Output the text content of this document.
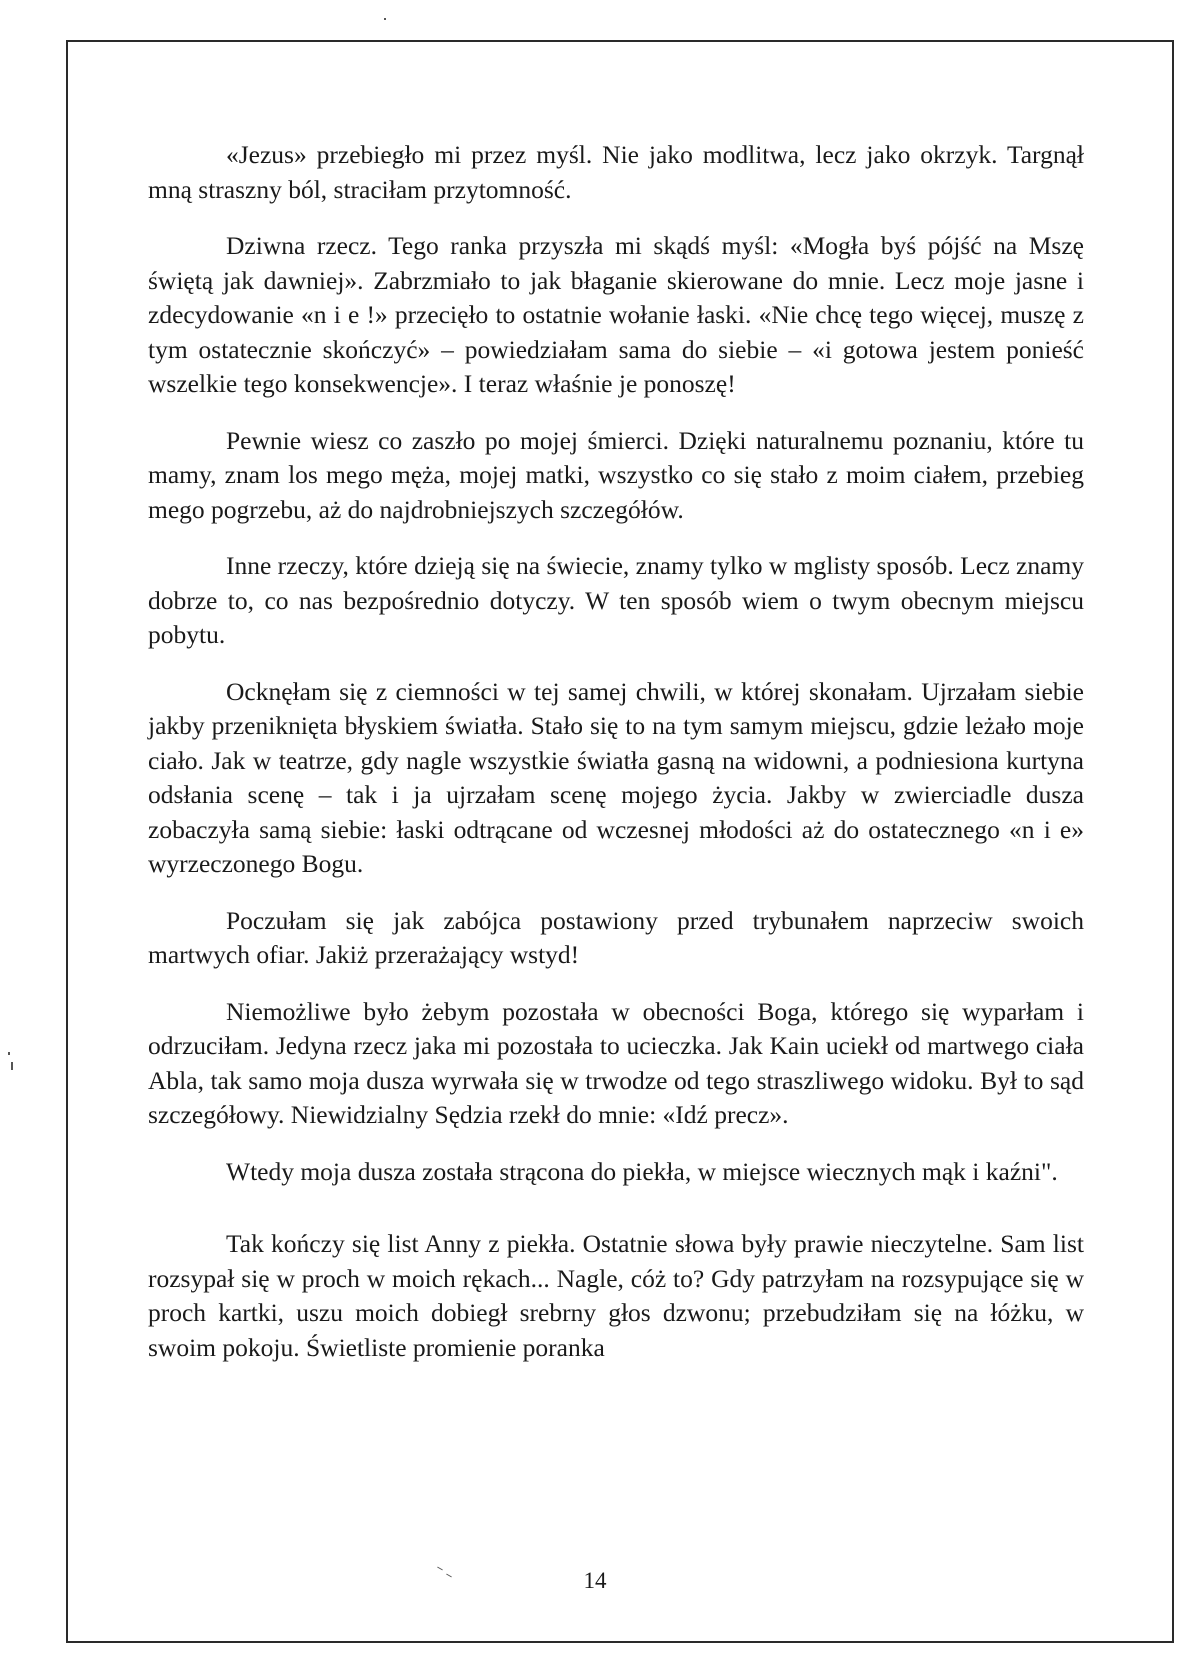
«Jezus» przebiegło mi przez myśl. Nie jako modlitwa, lecz jako okrzyk. Targnął mną straszny ból, straciłam przytomność.

Dziwna rzecz. Tego ranka przyszła mi skądś myśl: «Mogła byś pójść na Mszę świętą jak dawniej». Zabrzmiało to jak błaganie skierowane do mnie. Lecz moje jasne i zdecydowanie «n i e !» przecięło to ostatnie wołanie łaski. «Nie chcę tego więcej, muszę z tym ostatecznie skończyć» – powiedziałam sama do siebie – «i gotowa jestem ponieść wszelkie tego konsekwencje». I teraz właśnie je ponoszę!

Pewnie wiesz co zaszło po mojej śmierci. Dzięki naturalnemu poznaniu, które tu mamy, znam los mego męża, mojej matki, wszystko co się stało z moim ciałem, przebieg mego pogrzebu, aż do najdrobniejszych szczegółów.

Inne rzeczy, które dzieją się na świecie, znamy tylko w mglisty sposób. Lecz znamy dobrze to, co nas bezpośrednio dotyczy. W ten sposób wiem o twym obecnym miejscu pobytu.

Ocknęłam się z ciemności w tej samej chwili, w której skonałam. Ujrzałam siebie jakby przeniknięta błyskiem światła. Stało się to na tym samym miejscu, gdzie leżało moje ciało. Jak w teatrze, gdy nagle wszystkie światła gasną na widowni, a podniesiona kurtyna odsłania scenę – tak i ja ujrzałam scenę mojego życia. Jakby w zwierciadle dusza zobaczyła samą siebie: łaski odtrącane od wczesnej młodości aż do ostatecznego «n i e» wyrzeczonego Bogu.

Poczułam się jak zabójca postawiony przed trybunałem naprzeciw swoich martwych ofiar. Jakiż przerażający wstyd!

Niemożliwe było żebym pozostała w obecności Boga, którego się wyparłam i odrzuciłam. Jedyna rzecz jaka mi pozostała to ucieczka. Jak Kain uciekł od martwego ciała Abla, tak samo moja dusza wyrwała się w trwodze od tego straszliwego widoku. Był to sąd szczegółowy. Niewidzialny Sędzia rzekł do mnie: «Idź precz».

Wtedy moja dusza została strącona do piekła, w miejsce wiecznych mąk i kaźni".

Tak kończy się list Anny z piekła. Ostatnie słowa były prawie nieczytelne. Sam list rozsypał się w proch w moich rękach... Nagle, cóż to? Gdy patrzyłam na rozsypujące się w proch kartki, uszu moich dobiegł srebrny głos dzwonu; przebudziłam się na łóżku, w swoim pokoju. Świetliste promienie poranka

14
